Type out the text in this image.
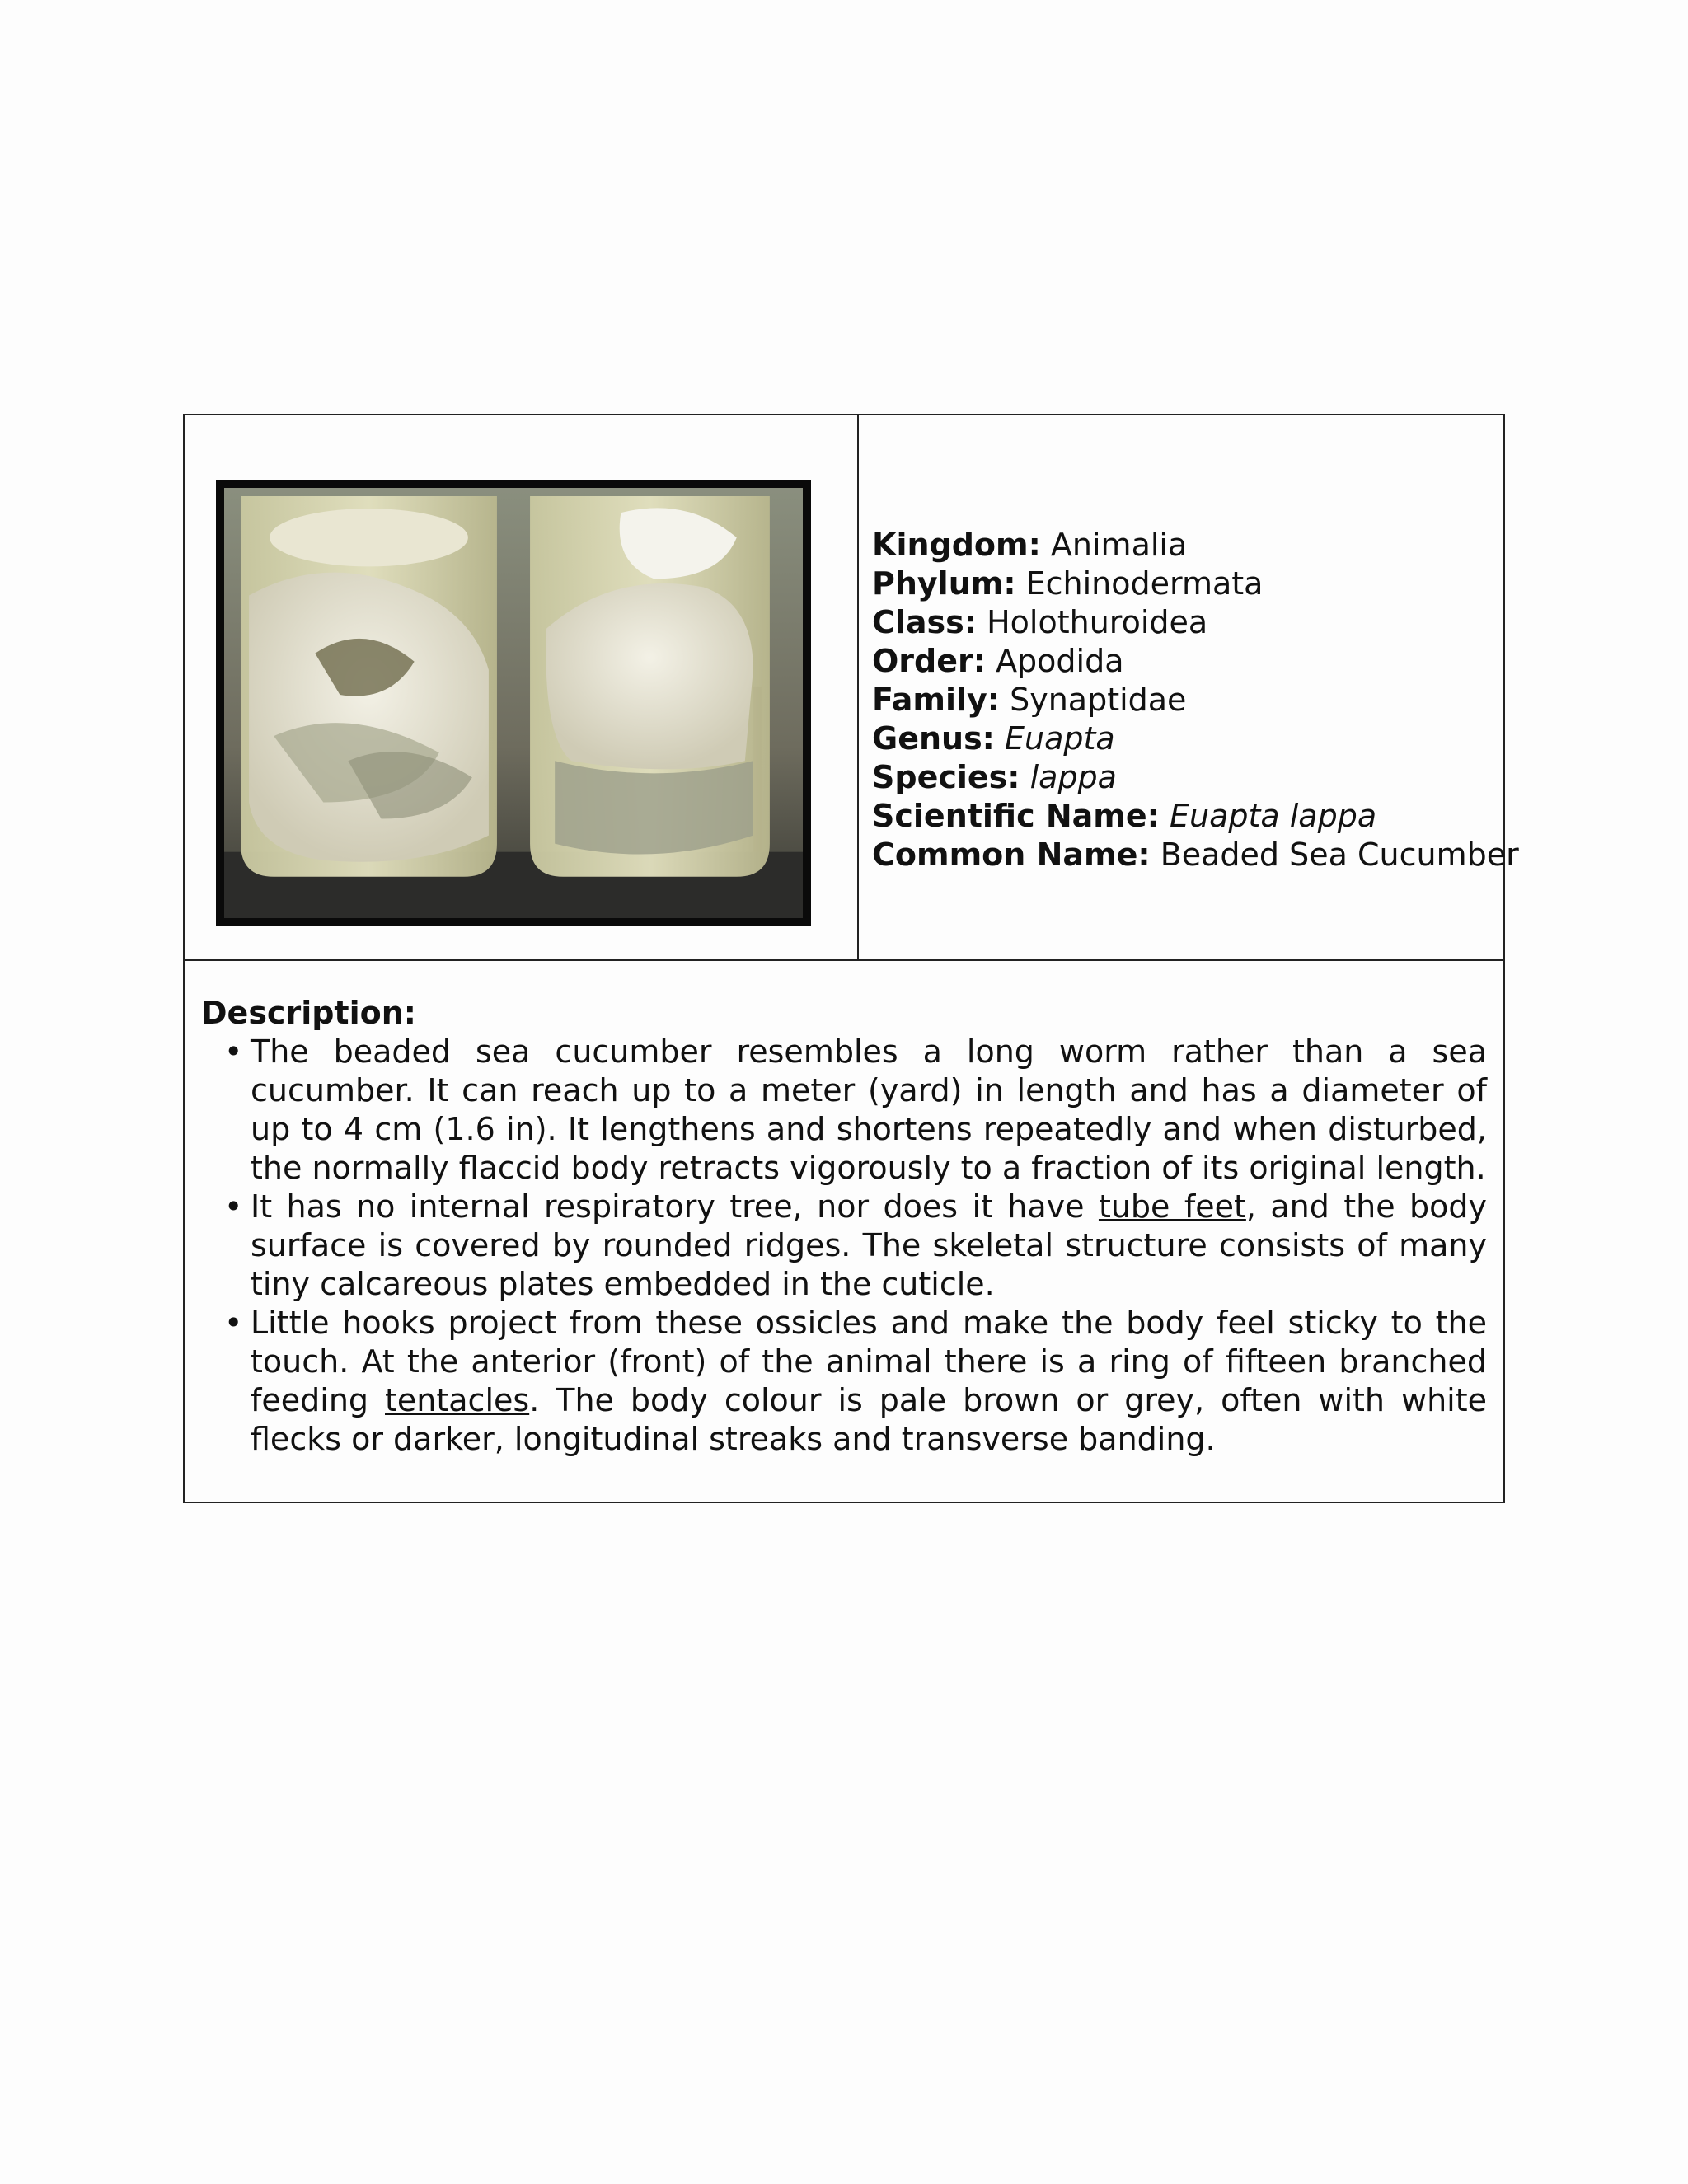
Kingdom: Animalia
Phylum: Echinodermata
Class: Holothuroidea
Order: Apodida
Family: Synaptidae
Genus: Euapta
Species: lappa
Scientific Name: Euapta lappa
Common Name: Beaded Sea Cucumber

Description:

• The beaded sea cucumber resembles a long worm rather than a sea cucumber. It can reach up to a meter (yard) in length and has a diameter of up to 4 cm (1.6 in). It lengthens and shortens repeatedly and when disturbed, the normally flaccid body retracts vigorously to a fraction of its original length.
• It has no internal respiratory tree, nor does it have tube feet, and the body surface is covered by rounded ridges. The skeletal structure consists of many tiny calcareous plates embedded in the cuticle.
• Little hooks project from these ossicles and make the body feel sticky to the touch. At the anterior (front) of the animal there is a ring of fifteen branched feeding tentacles. The body colour is pale brown or grey, often with white flecks or darker, longitudinal streaks and transverse banding.
